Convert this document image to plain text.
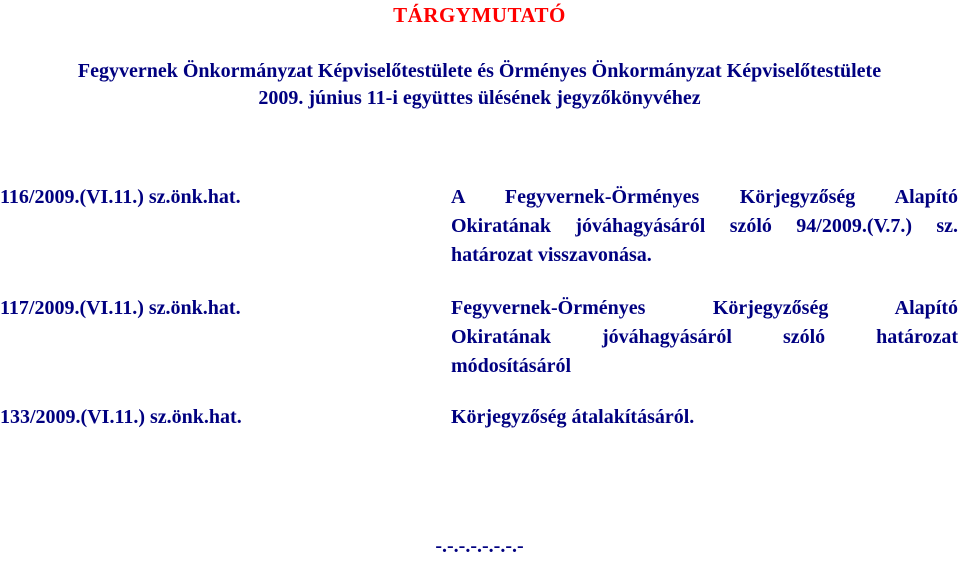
TÁRGYMUTATÓ
Fegyvernek Önkormányzat Képviselőtestülete és Örményes Önkormányzat Képviselőtestülete
2009. június 11-i együttes ülésének jegyzőkönyvéhez
116/2009.(VI.11.) sz.önk.hat.	A Fegyvernek-Örményes Körjegyzőség Alapító
Okiratának jóváhagyásáról szóló 94/2009.(V.7.) sz.
határozat visszavonása.
117/2009.(VI.11.) sz.önk.hat.	Fegyvernek-Örményes Körjegyzőség Alapító
Okiratának jóváhagyásáról szóló határozat
módosításáról
133/2009.(VI.11.) sz.önk.hat.	Körjegyzőség átalakításáról.
-.-.-.-.-.-.-.-
